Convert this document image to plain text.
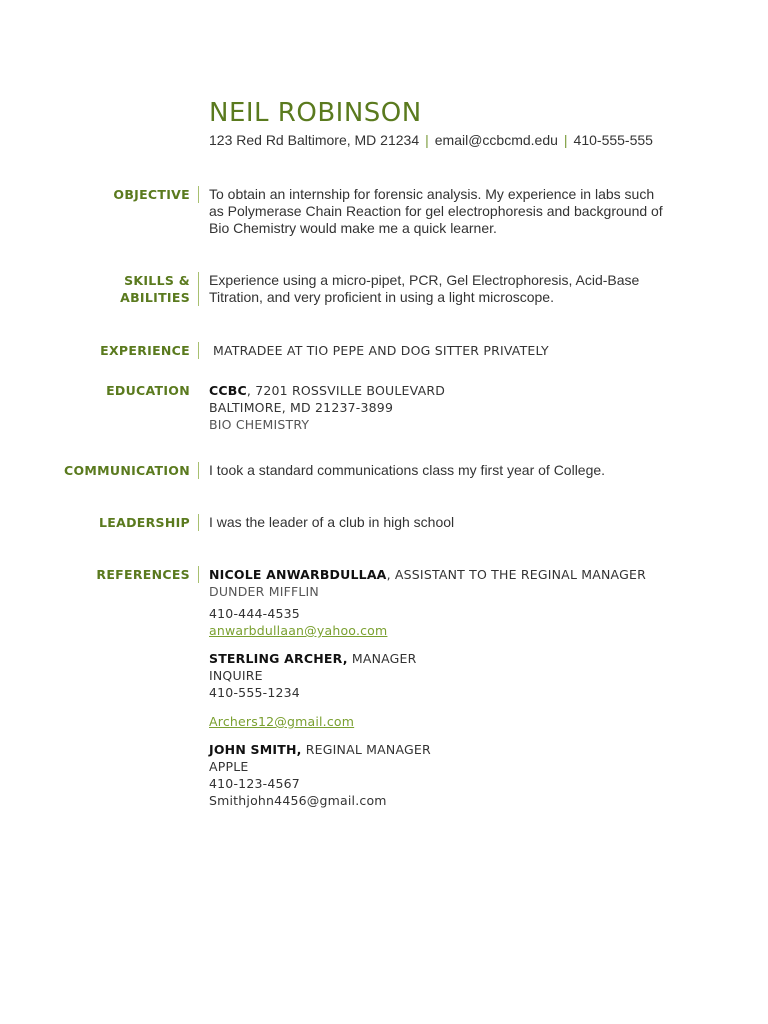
NEIL ROBINSON
123 Red Rd Baltimore, MD 21234 | email@ccbcmd.edu | 410-555-555
OBJECTIVE To obtain an internship for forensic analysis. My experience in labs such as Polymerase Chain Reaction for gel electrophoresis and background of Bio Chemistry would make me a quick learner.
SKILLS &
ABILITIES
Experience using a micro-pipet, PCR, Gel Electrophoresis, Acid-Base Titration, and very proficient in using a light microscope.
EXPERIENCE MATRADEE AT TIO PEPE AND DOG SITTER PRIVATELY
EDUCATION CCBC, 7201 ROSSVILLE BOULEVARD
BALTIMORE, MD 21237-3899
BIO CHEMISTRY
COMMUNICATION I took a standard communications class my first year of College.
LEADERSHIP I was the leader of a club in high school
REFERENCES NICOLE ANWARBDULLAA, ASSISTANT TO THE REGINAL MANAGER
DUNDER MIFFLIN
410-444-4535
anwarbdullaan@yahoo.com
STERLING ARCHER, MANAGER
INQUIRE
410-555-1234
Archers12@gmail.com
JOHN SMITH, REGINAL MANAGER
APPLE
410-123-4567
Smithjohn4456@gmail.com
